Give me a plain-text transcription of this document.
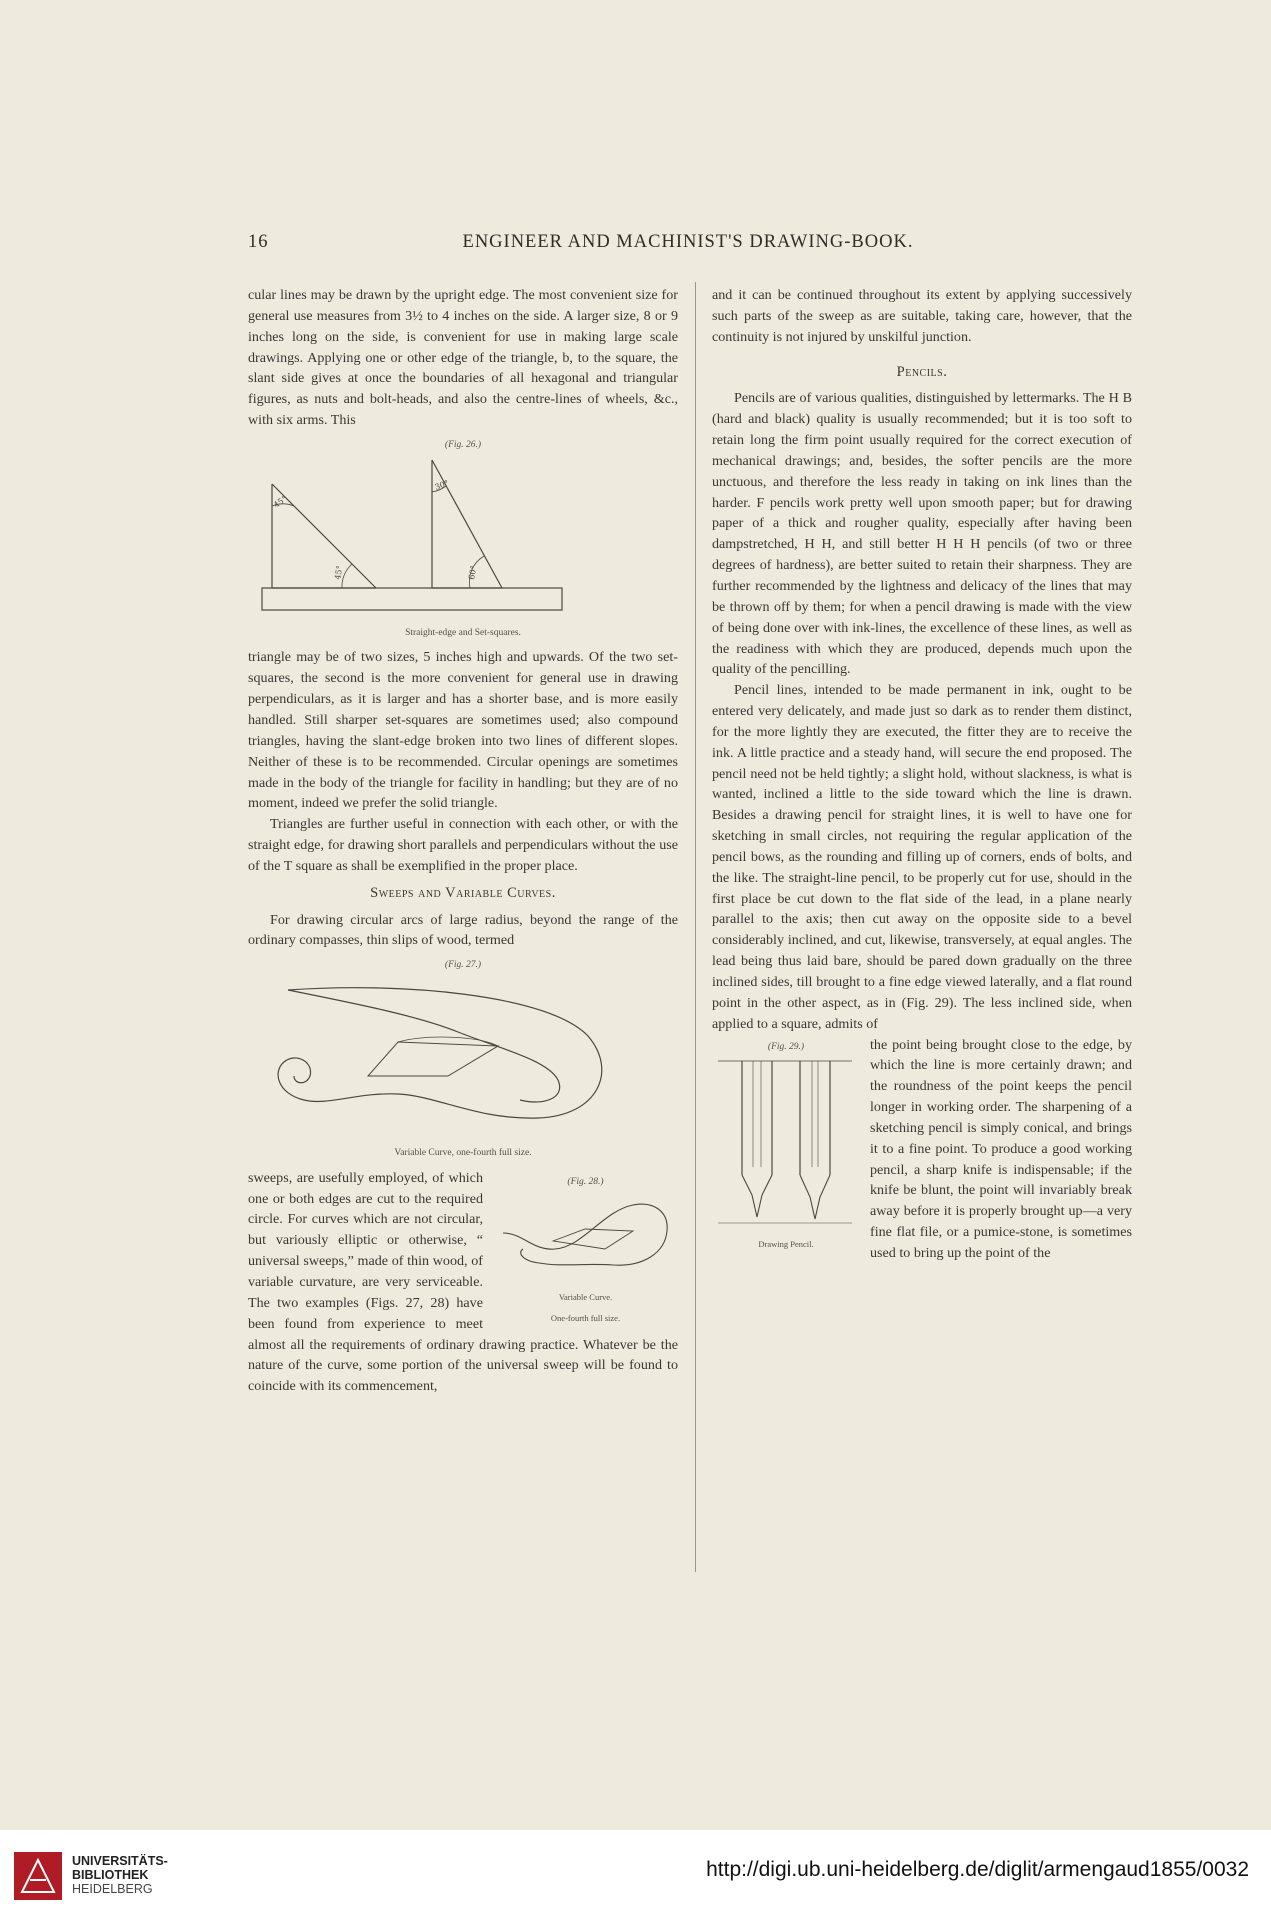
16	ENGINEER AND MACHINIST'S DRAWING-BOOK.

cular lines may be drawn by the upright edge. The most convenient size for general use measures from 3½ to 4 inches on the side. A larger size, 8 or 9 inches long on the side, is convenient for use in making large scale drawings. Applying one or other edge of the triangle, b, to the square, the slant side gives at once the boundaries of all hexagonal and triangular figures, as nuts and bolt-heads, and also the centre-lines of wheels, &c., with six arms. This

(Fig. 26.)
45°
30°
45°	60°
Straight-edge and Set-squares.

triangle may be of two sizes, 5 inches high and upwards. Of the two set-squares, the second is the more convenient for general use in drawing perpendiculars, as it is larger and has a shorter base, and is more easily handled. Still sharper set-squares are sometimes used; also compound triangles, having the slant-edge broken into two lines of different slopes. Neither of these is to be recommended. Circular openings are sometimes made in the body of the triangle for facility in handling; but they are of no moment, indeed we prefer the solid triangle.

Triangles are further useful in connection with each other, or with the straight edge, for drawing short parallels and perpendiculars without the use of the T square as shall be exemplified in the proper place.

Sweeps and Variable Curves.

For drawing circular arcs of large radius, beyond the range of the ordinary compasses, thin slips of wood, termed

(Fig. 27.)
Variable Curve, one-fourth full size.
(Fig. 28.)
Variable Curve.
One-fourth full size.

sweeps, are usefully employed, of which one or both edges are cut to the required circle. For curves which are not circular, but variously elliptic or otherwise, “ universal sweeps,” made of thin wood, of variable curvature, are very serviceable. The two examples (Figs. 27, 28) have been found from experience to meet almost all the requirements of ordinary drawing practice. Whatever be the nature of the curve, some portion of the universal sweep will be found to coincide with its commencement,

and it can be continued throughout its extent by applying successively such parts of the sweep as are suitable, taking care, however, that the continuity is not injured by unskilful junction.

Pencils.

Pencils are of various qualities, distinguished by lettermarks. The H B (hard and black) quality is usually recommended; but it is too soft to retain long the firm point usually required for the correct execution of mechanical drawings; and, besides, the softer pencils are the more unctuous, and therefore the less ready in taking on ink lines than the harder. F pencils work pretty well upon smooth paper; but for drawing paper of a thick and rougher quality, especially after having been dampstretched, H H, and still better H H H pencils (of two or three degrees of hardness), are better suited to retain their sharpness. They are further recommended by the lightness and delicacy of the lines that may be thrown off by them; for when a pencil drawing is made with the view of being done over with ink-lines, the excellence of these lines, as well as the readiness with which they are produced, depends much upon the quality of the pencilling.

Pencil lines, intended to be made permanent in ink, ought to be entered very delicately, and made just so dark as to render them distinct, for the more lightly they are executed, the fitter they are to receive the ink. A little practice and a steady hand, will secure the end proposed. The pencil need not be held tightly; a slight hold, without slackness, is what is wanted, inclined a little to the side toward which the line is drawn. Besides a drawing pencil for straight lines, it is well to have one for sketching in small circles, not requiring the regular application of the pencil bows, as the rounding and filling up of corners, ends of bolts, and the like. The straight-line pencil, to be properly cut for use, should in the first place be cut down to the flat side of the lead, in a plane nearly parallel to the axis; then cut away on the opposite side to a bevel considerably inclined, and cut, likewise, transversely, at equal angles. The lead being thus laid bare, should be pared down gradually on the three inclined sides, till brought to a fine edge viewed laterally, and a flat round point in the other aspect, as in (Fig. 29). The less inclined side, when applied to a square, admits of

(Fig. 29.)
Drawing Pencil.

the point being brought close to the edge, by which the line is more certainly drawn; and the roundness of the point keeps the pencil longer in working order. The sharpening of a sketching pencil is simply conical, and brings it to a fine point. To produce a good working pencil, a sharp knife is indispensable; if the knife be blunt, the point will invariably break away before it is properly brought up—a very fine flat file, or a pumice-stone, is sometimes used to bring up the point of the

UNIVERSITÄTS-
BIBLIOTHEK
HEIDELBERG
http://digi.ub.uni-heidelberg.de/diglit/armengaud1855/0032
